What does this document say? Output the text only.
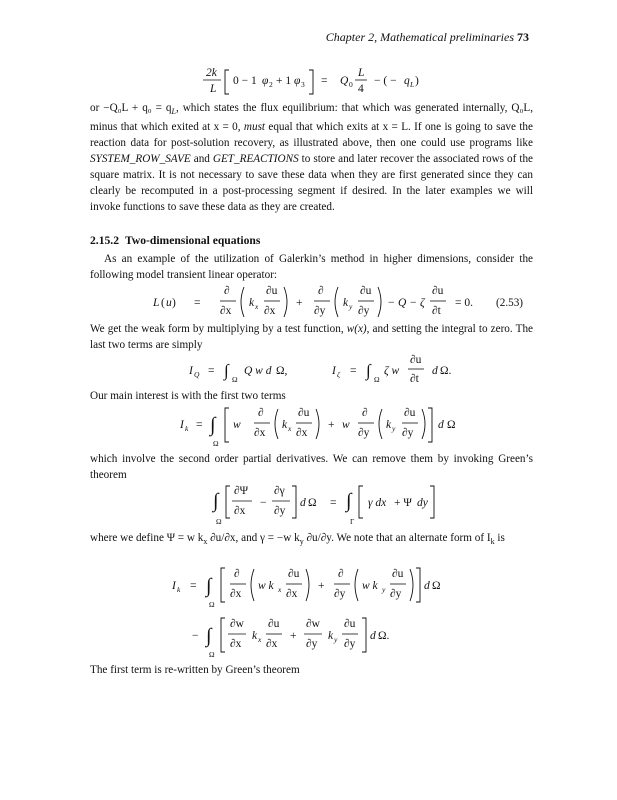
Chapter 2, Mathematical preliminaries 73
2k
L
0 − 1 φ 2 + 1 φ 3 = Q 0
L
4
− ( − q L )

or $-Q_0L + q_0 = q_L$, which states the flux equilibrium: that which was generated internally, Q₀L, minus that which exited at x = 0, must equal that which exits at x = L. If one is going to save the reaction data for post-solution recovery, as illustrated above, then one could use programs like SYSTEM_ROW_SAVE and GET_REACTIONS to store and later recover the associated rows of the square matrix. It is not necessary to save these data when they are first generated since they can clearly be recomputed in a post-processing segment if desired. In the later examples we will invoke functions to save these data as they are created.

2.15.2 Two-dimensional equations

As an example of the utilization of Galerkin’s method in higher dimensions, consider the following model transient linear operator:

L ( u ) =
∂
∂x
k x
∂u
∂x
+
∂
∂y
k y
∂u
∂y
− Q − ζ
∂u
∂t
= 0. (2.53)

We get the weak form by multiplying by a test function, w(x), and setting the integral to zero. The last two terms are simply

I Q = ∫ Ω
Q w d Ω,	I ζ = ∫ Ω
ζ w
∂u
∂t
d Ω.

Our main interest is with the first two terms

I k = ∫
Ω
w
∂
∂x
k x
∂u
∂x
+ w
∂
∂y
k y
∂u
∂y
d Ω

which involve the second order partial derivatives. We can remove them by invoking Green’s theorem

∫
Ω
∂Ψ
∂x
−
∂γ
∂y
d Ω = ∫
Γ
γ dx + Ψ dy

where we define Ψ = w $k_x$ ∂u/∂x, and γ = −w $k_y$ ∂u/∂y. We note that an alternate form of $I_k$ is

I k = ∫
Ω
∂
∂x
w k x
∂u
∂x
+
∂
∂y
w k y
∂u
∂y
d Ω
− ∫
Ω
∂w
∂x
k x
∂u
∂x
+
∂w
∂y
k y
∂u
∂y
d Ω.

The first term is re-written by Green’s theorem
